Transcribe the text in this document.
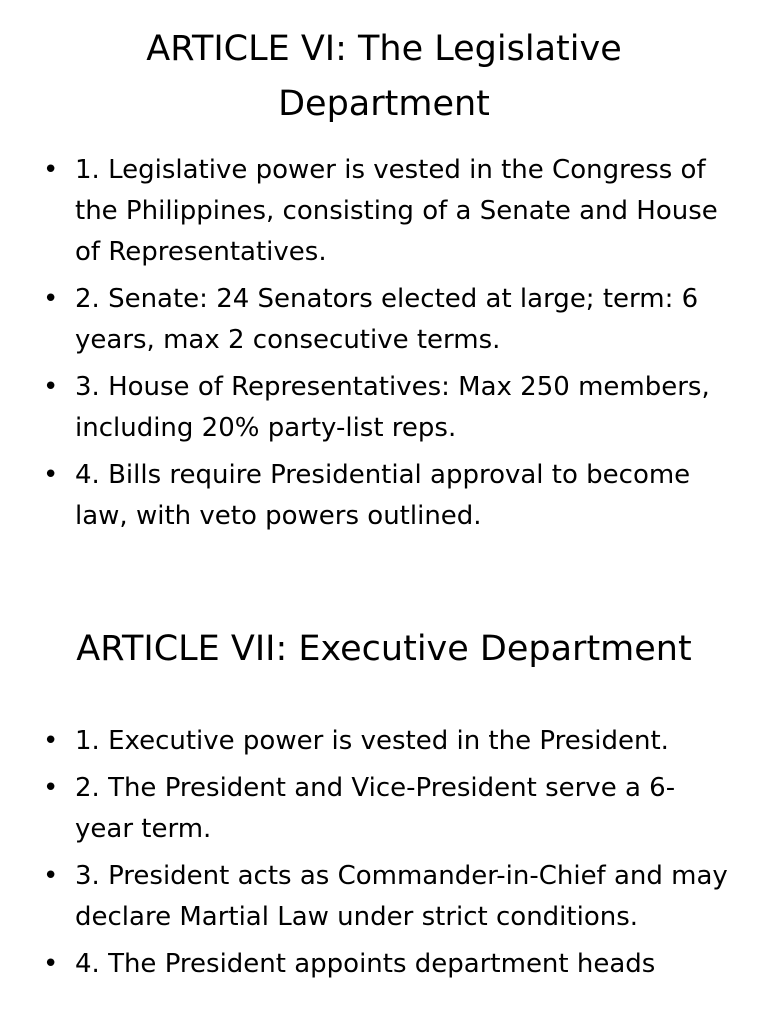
ARTICLE VI: The Legislative Department
• 1. Legislative power is vested in the Congress of the Philippines, consisting of a Senate and House of Representatives.
• 2. Senate: 24 Senators elected at large; term: 6 years, max 2 consecutive terms.
• 3. House of Representatives: Max 250 members, including 20% party-list reps.
• 4. Bills require Presidential approval to become law, with veto powers outlined.
ARTICLE VII: Executive Department
• 1. Executive power is vested in the President.
• 2. The President and Vice-President serve a 6-year term.
• 3. President acts as Commander-in-Chief and may declare Martial Law under strict conditions.
• 4. The President appoints department heads
